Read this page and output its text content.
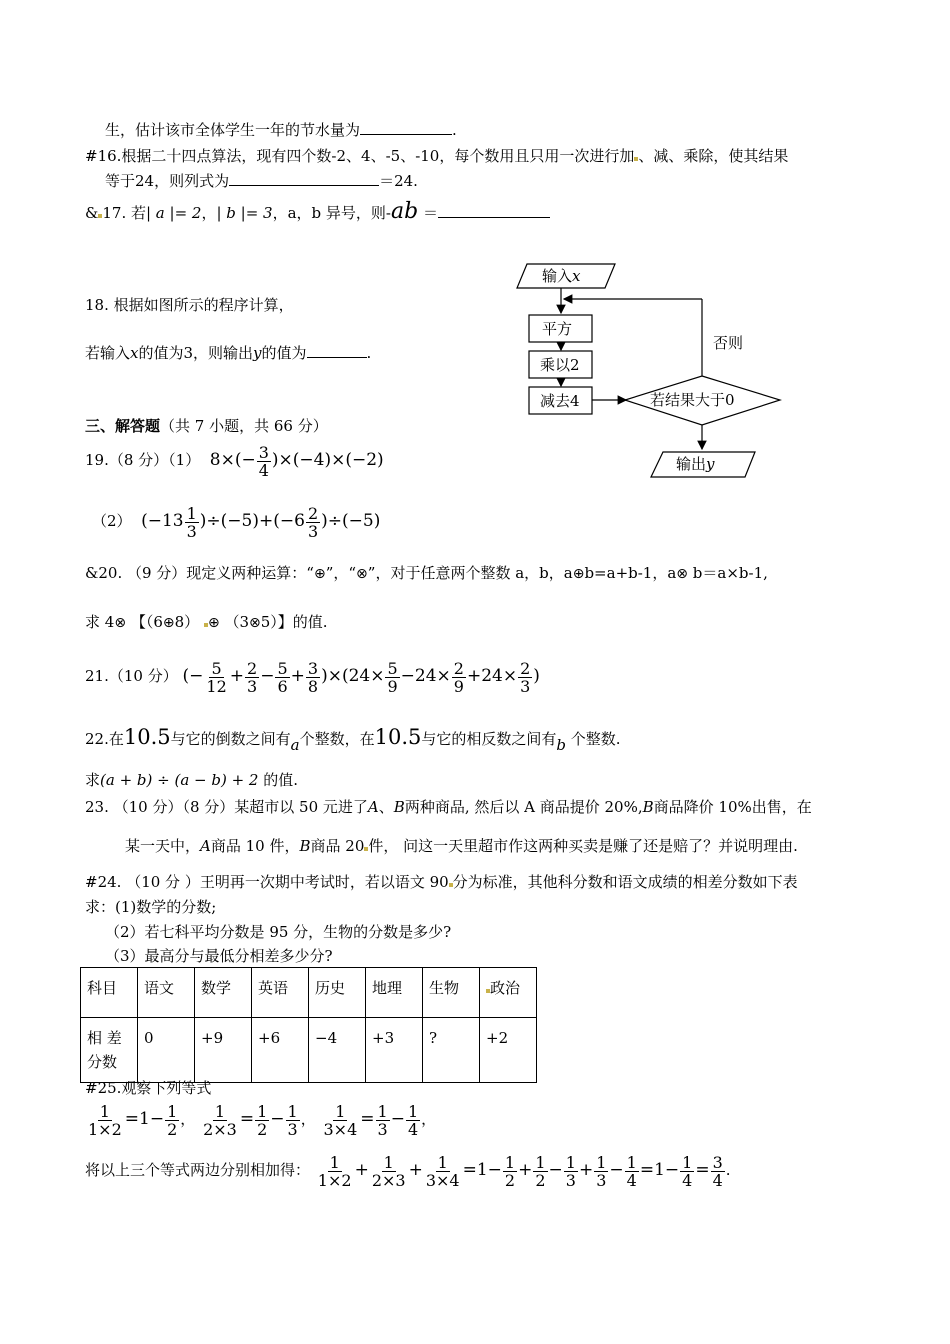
生，估计该市全体学生一年的节水量为	.
#16.根据二十四点算法，现有四个数-2、4、-5、-10，每个数用且只用一次进行加 、减、乘除，使其结果
等于24，则列式为	＝24.
& 17. 若| a |= 2，| b |= 3，a，b 异号，则-ab ＝
18. 根据如图所示的程序计算，
若输入x的值为3，则输出y的值为	.
输入x
平方
乘以2
减去4	若结果大于0
否则
输出y
三、解答题（共 7 小题，共 66 分）
19.（8 分）（1） $8\times(- \frac{3}{4} )\times(-4)\times(-2)$
（2） $(-13 \frac{1}{3} )\div(-5)+(-6 \frac{2}{3} )\div(-5)$
&20. （9 分）现定义两种运算：“⊕”，“⊗”，对于任意两个整数 a，b，a⊕b=a+b-1，a⊗ b＝a×b-1,
求 4⊗ 【（6⊕8） ⊕ （3⊗5）】的值.
21.（10 分） (− $\frac{5}{12} + \frac{2}{3} - \frac{5}{6} + \frac{3}{8} )\times(24\times \frac{5}{9} -24\times \frac{2}{9} +24\times \frac{2}{3}$ )
22.在10.5与它的倒数之间有a个整数，在10.5与它的相反数之间有b 个整数.
求(a + b) ÷ (a − b) + 2 的值.
23. （10 分）（8 分）某超市以 50 元进了A、B两种商品, 然后以 A 商品提价 20%,B商品降价 10%出售，在
某一天中，A商品 10 件，B商品 20 件， 问这一天里超市作这两种买卖是赚了还是赔了？并说明理由.
#24. （10 分 ）王明再一次期中考试时，若以语文 90 分为标准，其他科分数和语文成绩的相差分数如下表
求：(1)数学的分数;
（2）若七科平均分数是 95 分，生物的分数是多少?
（3）最高分与最低分相差多少分?
科目	语文	数学	英语	历史	地理	生物	政治
相 差
分数	0	+9	+6	−4	+3	?	+2
#25.观察下列等式
$\frac{1}{1\times 2} =1- \frac{1}{2}$ ， $\frac{1}{2\times 3} = \frac{1}{2} - \frac{1}{3}$ ， $\frac{1}{3\times 4} = \frac{1}{3} - \frac{1}{4}$ ，
将以上三个等式两边分别相加得： $\frac{1}{1\times 2} + \frac{1}{2\times 3} + \frac{1}{3\times 4} =1- \frac{1}{2} + \frac{1}{2} - \frac{1}{3} + \frac{1}{3} - \frac{1}{4} =1- \frac{1}{4} = \frac{3}{4}$ .
